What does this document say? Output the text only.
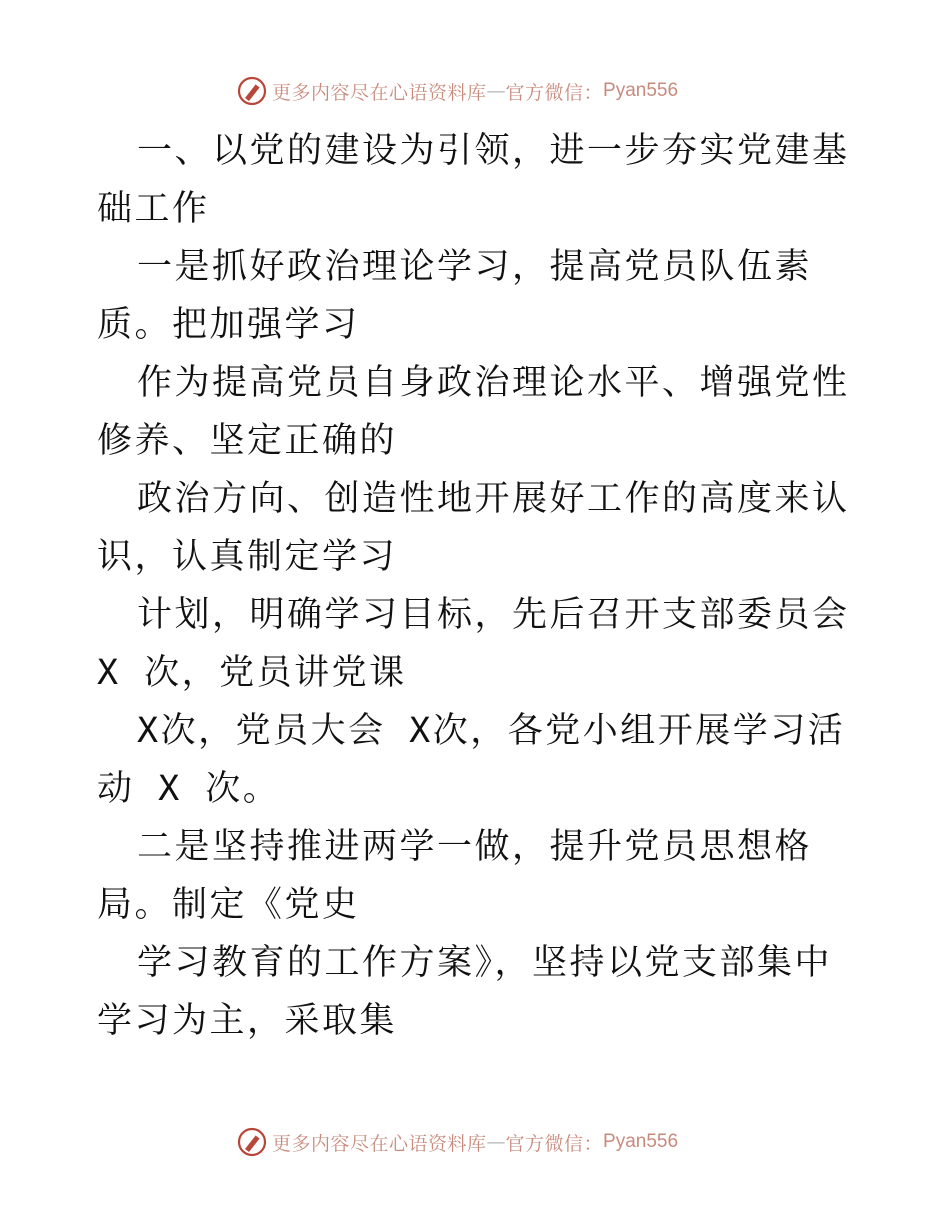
更多内容尽在心语资料库 — 官方微信： Pyan556

一、以党的建设为引领，进一步夯实党建基础工作

一是抓好政治理论学习，提高党员队伍素质。把加强学习

作为提高党员自身政治理论水平、增强党性修养、坚定正确的

政治方向、创造性地开展好工作的高度来认识，认真制定学习

计划，明确学习目标，先后召开支部委员会 X 次，党员讲党课

X次，党员大会 X次，各党小组开展学习活动 X 次。

二是坚持推进两学一做，提升党员思想格局。制定《党史

学习教育的工作方案》，坚持以党支部集中学习为主，采取集

更多内容尽在心语资料库 — 官方微信： Pyan556
